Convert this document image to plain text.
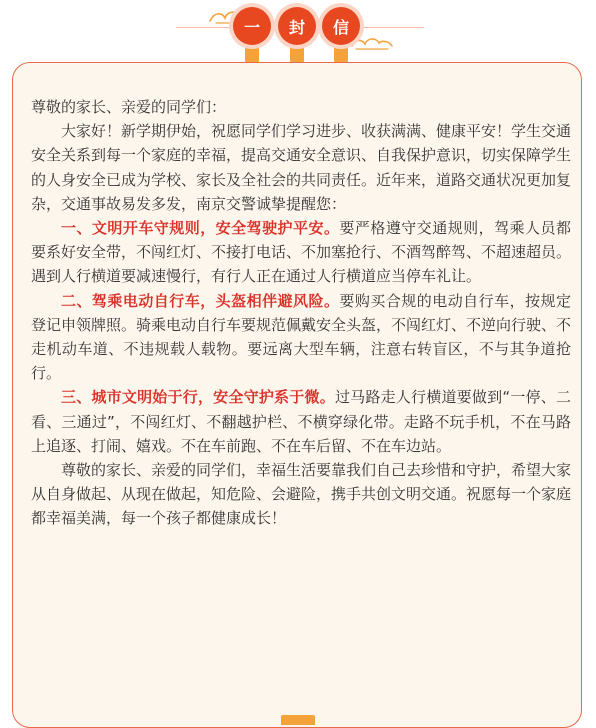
一	封	信

尊敬的家长、亲爱的同学们：

大家好！新学期伊始，祝愿同学们学习进步、收获满满、健康平安！学生交通安全关系到每一个家庭的幸福，提高交通安全意识、自我保护意识，切实保障学生的人身安全已成为学校、家长及全社会的共同责任。近年来，道路交通状况更加复杂，交通事故易发多发，南京交警诚挚提醒您：

一、文明开车守规则，安全驾驶护平安。要严格遵守交通规则，驾乘人员都要系好安全带，不闯红灯、不接打电话、不加塞抢行、不酒驾醉驾、不超速超员。遇到人行横道要减速慢行，有行人正在通过人行横道应当停车礼让。

二、驾乘电动自行车，头盔相伴避风险。要购买合规的电动自行车，按规定登记申领牌照。骑乘电动自行车要规范佩戴安全头盔，不闯红灯、不逆向行驶、不走机动车道、不违规载人载物。要远离大型车辆，注意右转盲区，不与其争道抢行。

三、城市文明始于行，安全守护系于微。过马路走人行横道要做到“一停、二看、三通过”，不闯红灯、不翻越护栏、不横穿绿化带。走路不玩手机，不在马路上追逐、打闹、嬉戏。不在车前跑、不在车后留、不在车边站。

尊敬的家长、亲爱的同学们，幸福生活要靠我们自己去珍惜和守护，希望大家从自身做起、从现在做起，知危险、会避险，携手共创文明交通。祝愿每一个家庭都幸福美满，每一个孩子都健康成长！
